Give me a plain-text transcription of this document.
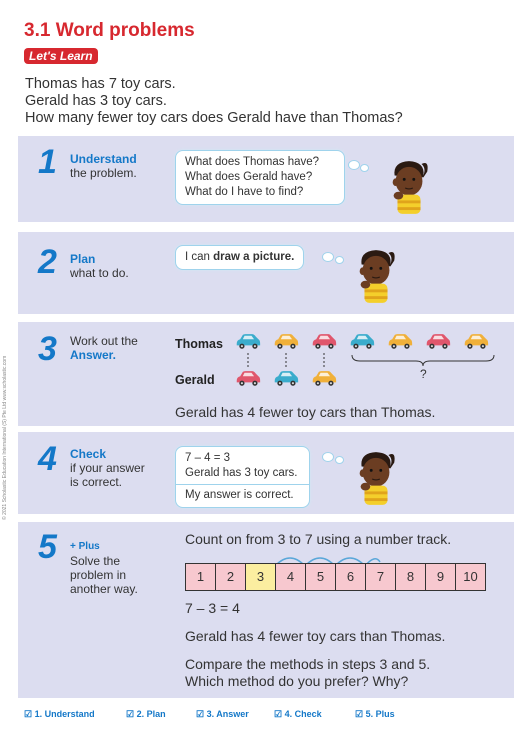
3.1 Word problems
Let's Learn
Thomas has 7 toy cars.
Gerald has 3 toy cars.
How many fewer toy cars does Gerald have than Thomas?
1 Understand
the problem.
What does Thomas have?
What does Gerald have?
What do I have to find?
2 Plan
what to do.
I can draw a picture.
3 Work out the
Answer.
Thomas
Gerald	?
Gerald has 4 fewer toy cars than Thomas.
4 Check
if your answer
is correct.
7 – 4 = 3
Gerald has 3 toy cars.
My answer is correct.
5 + Plus
Solve the
problem in
another way.
Count on from 3 to 7 using a number track.
1	2	3	4	5	6	7	8	9	10
7 – 3 = 4
Gerald has 4 fewer toy cars than Thomas.
Compare the methods in steps 3 and 5.
Which method do you prefer? Why?
☑ 1. Understand	☑ 2. Plan	☑ 3. Answer	☑ 4. Check	☑ 5. Plus
© 2021 Scholastic Education International (S) Pte Ltd www.scholastic.com
